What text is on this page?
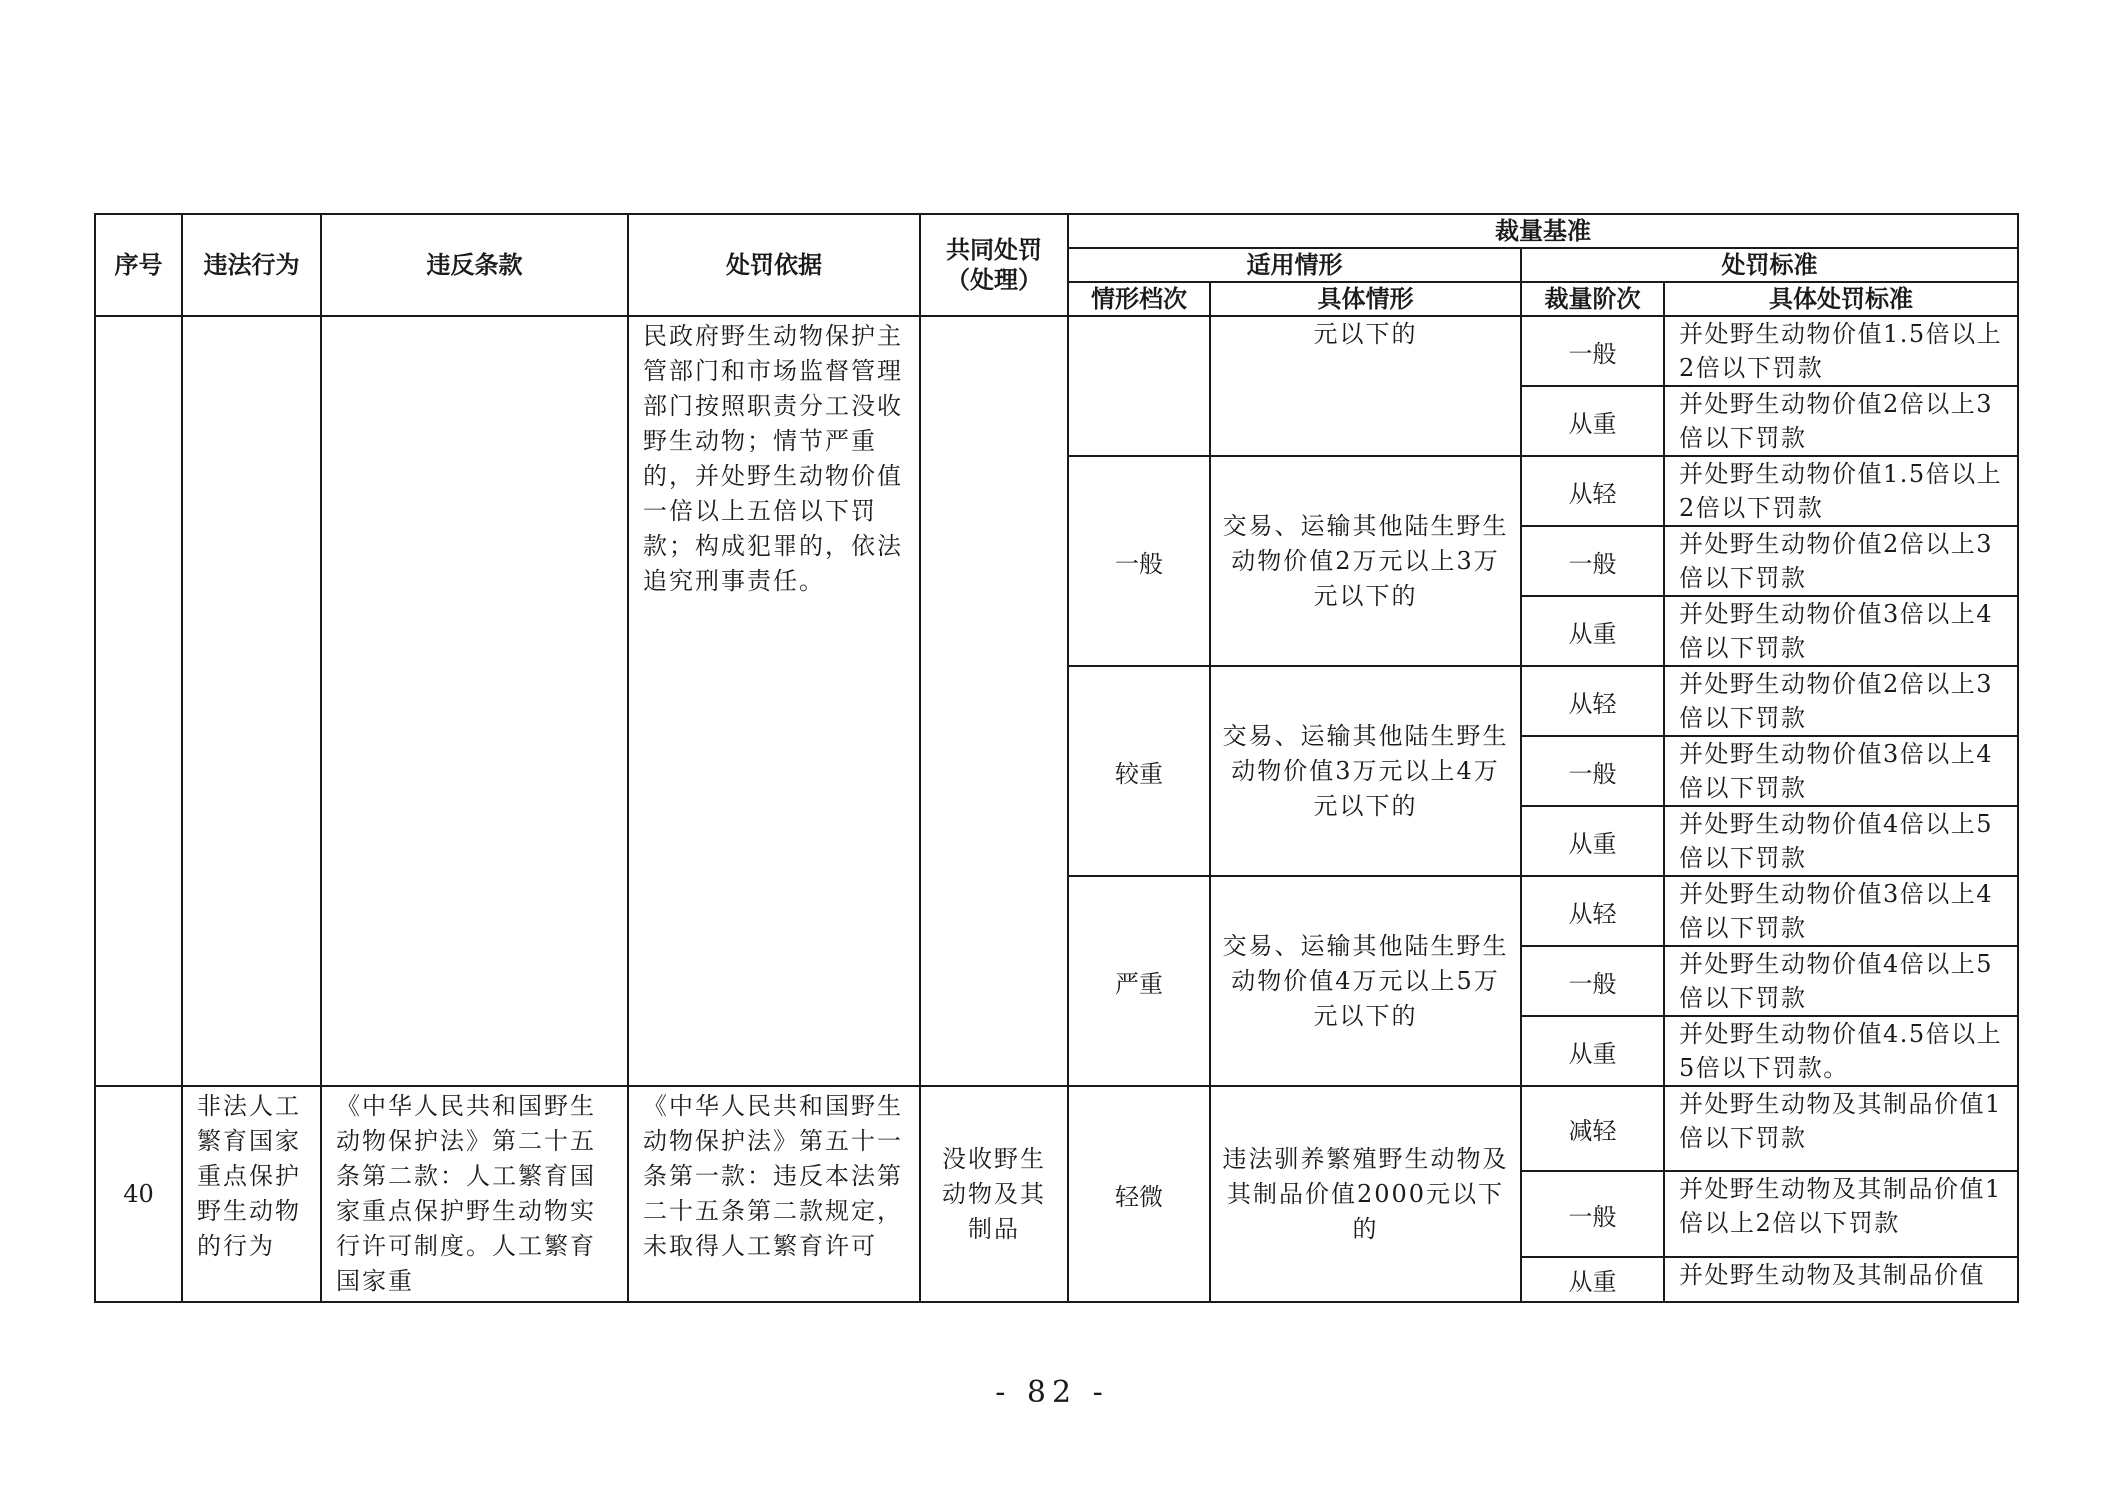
序号	违法行为	违反条款	处罚依据	共同处罚
（处理）	裁量基准			
					适用情形		处罚标准	
					情形档次	具体情形	裁量阶次	具体处罚标准
			民政府野生动物保护主管部门和市场监督管理部门按照职责分工没收野生动物；情节严重的，并处野生动物价值一倍以上五倍以下罚款；构成犯罪的，依法追究刑事责任。			元以下的	一般	并处野生动物价值1.5倍以上2倍以下罚款
							从重	并处野生动物价值2倍以上3倍以下罚款
					一般	交易、运输其他陆生野生动物价值2万元以上3万元以下的	从轻	并处野生动物价值1.5倍以上2倍以下罚款
							一般	并处野生动物价值2倍以上3倍以下罚款
							从重	并处野生动物价值3倍以上4倍以下罚款
					较重	交易、运输其他陆生野生动物价值3万元以上4万元以下的	从轻	并处野生动物价值2倍以上3倍以下罚款
							一般	并处野生动物价值3倍以上4倍以下罚款
							从重	并处野生动物价值4倍以上5倍以下罚款
					严重	交易、运输其他陆生野生动物价值4万元以上5万元以下的	从轻	并处野生动物价值3倍以上4倍以下罚款
							一般	并处野生动物价值4倍以上5倍以下罚款
							从重	并处野生动物价值4.5倍以上5倍以下罚款。
40	非法人工繁育国家重点保护野生动物的行为	《中华人民共和国野生动物保护法》第二十五条第二款：人工繁育国家重点保护野生动物实行许可制度。人工繁育国家重	《中华人民共和国野生动物保护法》第五十一条第一款：违反本法第二十五条第二款规定，未取得人工繁育许可	没收野生动物及其制品	轻微	违法驯养繁殖野生动物及其制品价值2000元以下的	减轻	并处野生动物及其制品价值1倍以下罚款
							一般	并处野生动物及其制品价值1倍以上2倍以下罚款
							从重	并处野生动物及其制品价值
- 82 -
